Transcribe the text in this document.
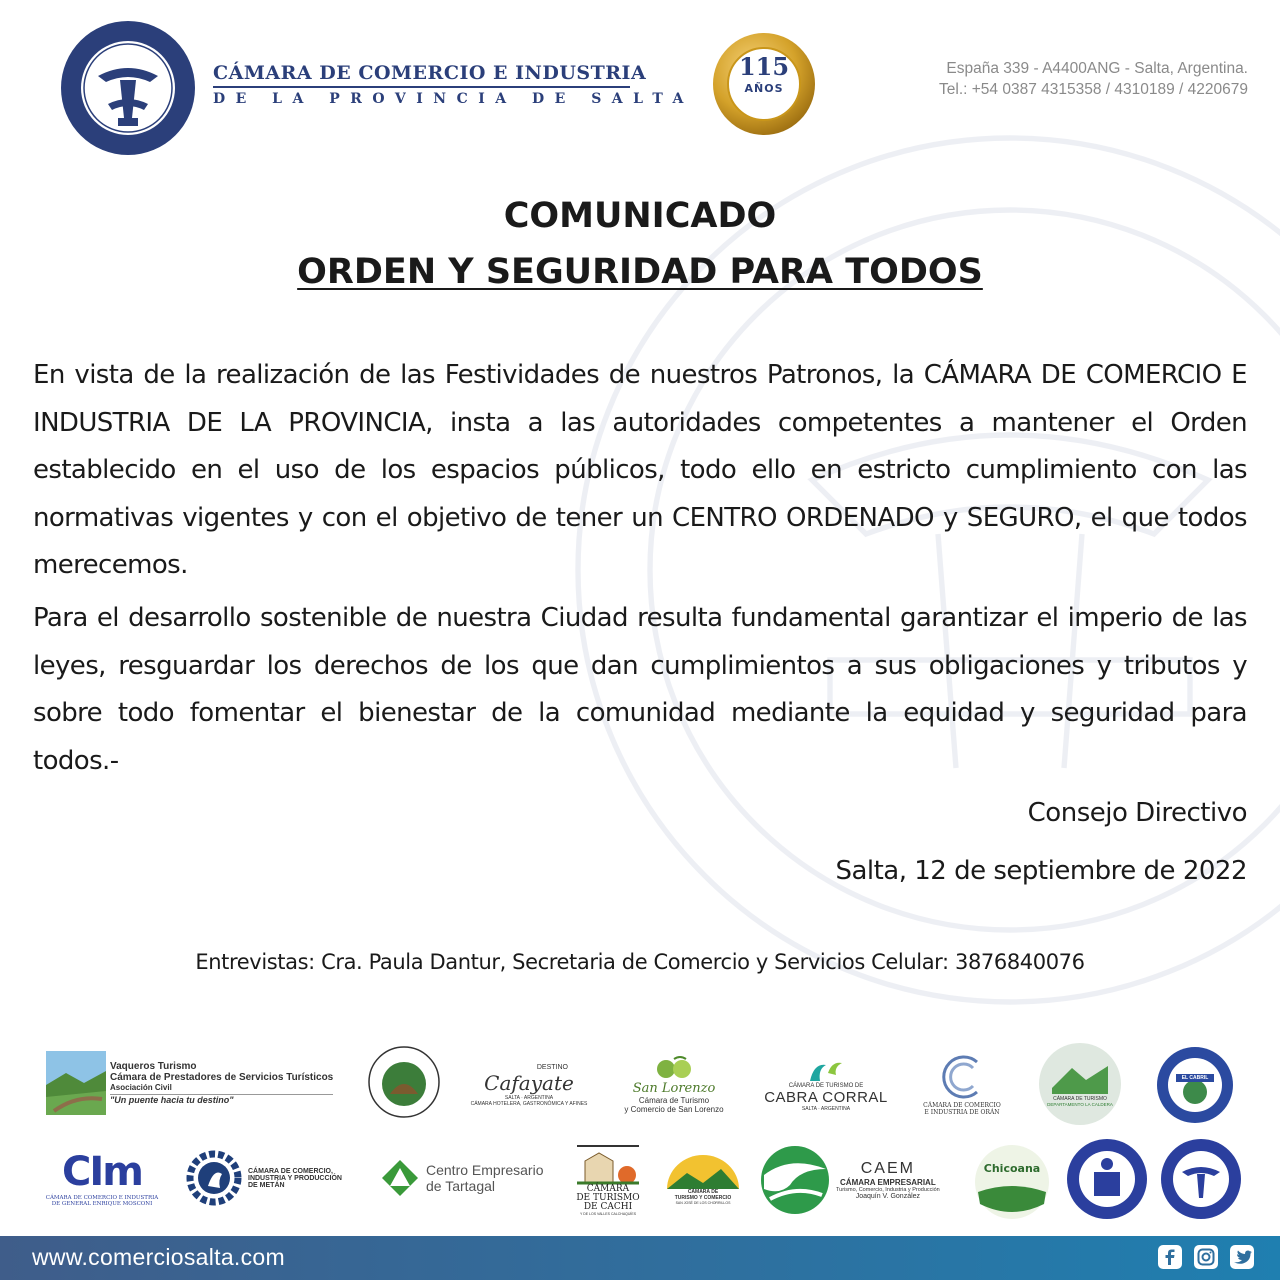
CÁMARA DE COMERCIO E INDUSTRIA
DE LA PROVINCIA DE SALTA
115
AÑOS
España 339 - A4400ANG - Salta, Argentina.
Tel.: +54 0387 4315358 / 4310189 / 4220679
COMUNICADO
ORDEN Y SEGURIDAD PARA TODOS
En vista de la realización de las Festividades de nuestros Patronos, la CÁMARA DE COMERCIO E INDUSTRIA DE LA PROVINCIA, insta a las autoridades competentes a mantener el Orden establecido en el uso de los espacios públicos, todo ello en estricto cumplimiento con las normativas vigentes y con el objetivo de tener un CENTRO ORDENADO y SEGURO, el que todos merecemos.
Para el desarrollo sostenible de nuestra Ciudad resulta fundamental garantizar el imperio de las leyes, resguardar los derechos de los que dan cumplimientos a sus obligaciones y tributos y sobre todo fomentar el bienestar de la comunidad mediante la equidad y seguridad para todos.-
Consejo Directivo
Salta, 12 de septiembre de 2022
Entrevistas: Cra. Paula Dantur, Secretaria de Comercio y Servicios Celular: 3876840076
Vaqueros Turismo
Cámara de Prestadores de Servicios Turísticos
Asociación Civil
"Un puente hacia tu destino"
DESTINO
Cafayate
SALTA · ARGENTINA
CÁMARA HOTELERA, GASTRONÓMICA Y AFINES
San Lorenzo
Cámara de Turismo
y Comercio de San Lorenzo
CÁMARA DE TURISMO DE
CABRA CORRAL
SALTA · ARGENTINA	CÁMARA DE COMERCIO
E INDUSTRIA DE ORÁN
CÁMARA DE TURISMO
DEPARTAMENTO LA CALDERA
EL CABRIL
CIm
CÁMARA DE COMERCIO E INDUSTRIA
DE GENERAL ENRIQUE MOSCONI
CÁMARA DE COMERCIO,
INDUSTRIA Y PRODUCCIÓN
DE METÁN
Centro Empresario
de Tartagal	CÁMARA
DE TURISMO
DE CACHI
Y DE LOS VALLES CALCHAQUÍES
CÁMARA DE
TURISMO Y COMERCIO
SAN JOSÉ DE LOS CHORRILLOS
CAEM
CÁMARA EMPRESARIAL
Turismo, Comercio, Industria y Producción
Joaquín V. González
Chicoana
www.comerciosalta.com
